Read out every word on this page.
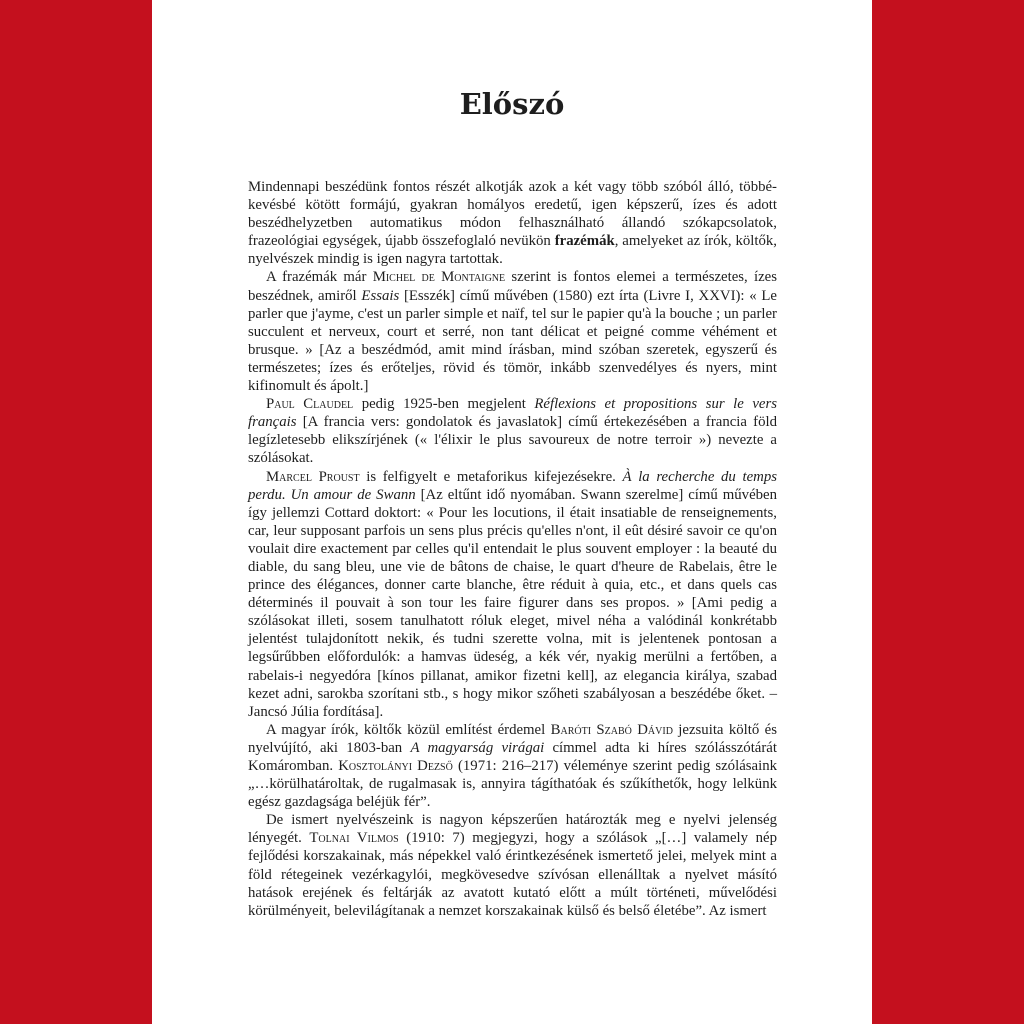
Előszó

Mindennapi beszédünk fontos részét alkotják azok a két vagy több szóból álló, többé-kevésbé kötött formájú, gyakran homályos eredetű, igen képszerű, ízes és adott beszédhelyzetben automatikus módon felhasználható állandó szókapcsolatok, frazeológiai egységek, újabb összefoglaló nevükön frazémák, amelyeket az írók, költők, nyelvészek mindig is igen nagyra tartottak.

A frazémák már Michel de Montaigne szerint is fontos elemei a természetes, ízes beszédnek, amiről Essais [Esszék] című művében (1580) ezt írta (Livre I, XXVI): « Le parler que j'ayme, c'est un parler simple et naïf, tel sur le papier qu'à la bouche ; un parler succulent et nerveux, court et serré, non tant délicat et peigné comme véhément et brusque. » [Az a beszédmód, amit mind írásban, mind szóban szeretek, egyszerű és természetes; ízes és erőteljes, rövid és tömör, inkább szenvedélyes és nyers, mint kifinomult és ápolt.]

Paul Claudel pedig 1925-ben megjelent Réflexions et propositions sur le vers français [A francia vers: gondolatok és javaslatok] című értekezésében a francia föld legízletesebb elikszírjének (« l'élixir le plus savoureux de notre terroir ») nevezte a szólásokat.

Marcel Proust is felfigyelt e metaforikus kifejezésekre. À la recherche du temps perdu. Un amour de Swann [Az eltűnt idő nyomában. Swann szerelme] című művében így jellemzi Cottard doktort: « Pour les locutions, il était insatiable de renseignements, car, leur supposant parfois un sens plus précis qu'elles n'ont, il eût désiré savoir ce qu'on voulait dire exactement par celles qu'il entendait le plus souvent employer : la beauté du diable, du sang bleu, une vie de bâtons de chaise, le quart d'heure de Rabelais, être le prince des élégances, donner carte blanche, être réduit à quia, etc., et dans quels cas déterminés il pouvait à son tour les faire figurer dans ses propos. » [Ami pedig a szólásokat illeti, sosem tanulhatott róluk eleget, mivel néha a valódinál konkrétabb jelentést tulajdonított nekik, és tudni szerette volna, mit is jelentenek pontosan a legsűrűbben előfordulók: a hamvas üdeség, a kék vér, nyakig merülni a fertőben, a rabelais-i negyedóra [kínos pillanat, amikor fizetni kell], az elegancia királya, szabad kezet adni, sarokba szorítani stb., s hogy mikor szőheti szabályosan a beszédébe őket. – Jancsó Júlia fordítása].

A magyar írók, költők közül említést érdemel Baróti Szabó Dávid jezsuita költő és nyelvújító, aki 1803-ban A magyarság virágai címmel adta ki híres szólásszótárát Komáromban. Kosztolányi Dezső (1971: 216–217) véleménye szerint pedig szólásaink „…körülhatároltak, de rugalmasak is, annyira tágíthatóak és szűkíthetők, hogy lelkünk egész gazdagsága beléjük fér”.

De ismert nyelvészeink is nagyon képszerűen határozták meg e nyelvi jelenség lényegét. Tolnai Vilmos (1910: 7) megjegyzi, hogy a szólások „[…] valamely nép fejlődési korszakainak, más népekkel való érintkezésének ismertető jelei, melyek mint a föld rétegeinek vezérkagylói, megkövesedve szívósan ellenálltak a nyelvet másító hatások erejének és feltárják az avatott kutató előtt a múlt történeti, művelődési körülményeit, belevilágítanak a nemzet korszakainak külső és belső életébe”. Az ismert
